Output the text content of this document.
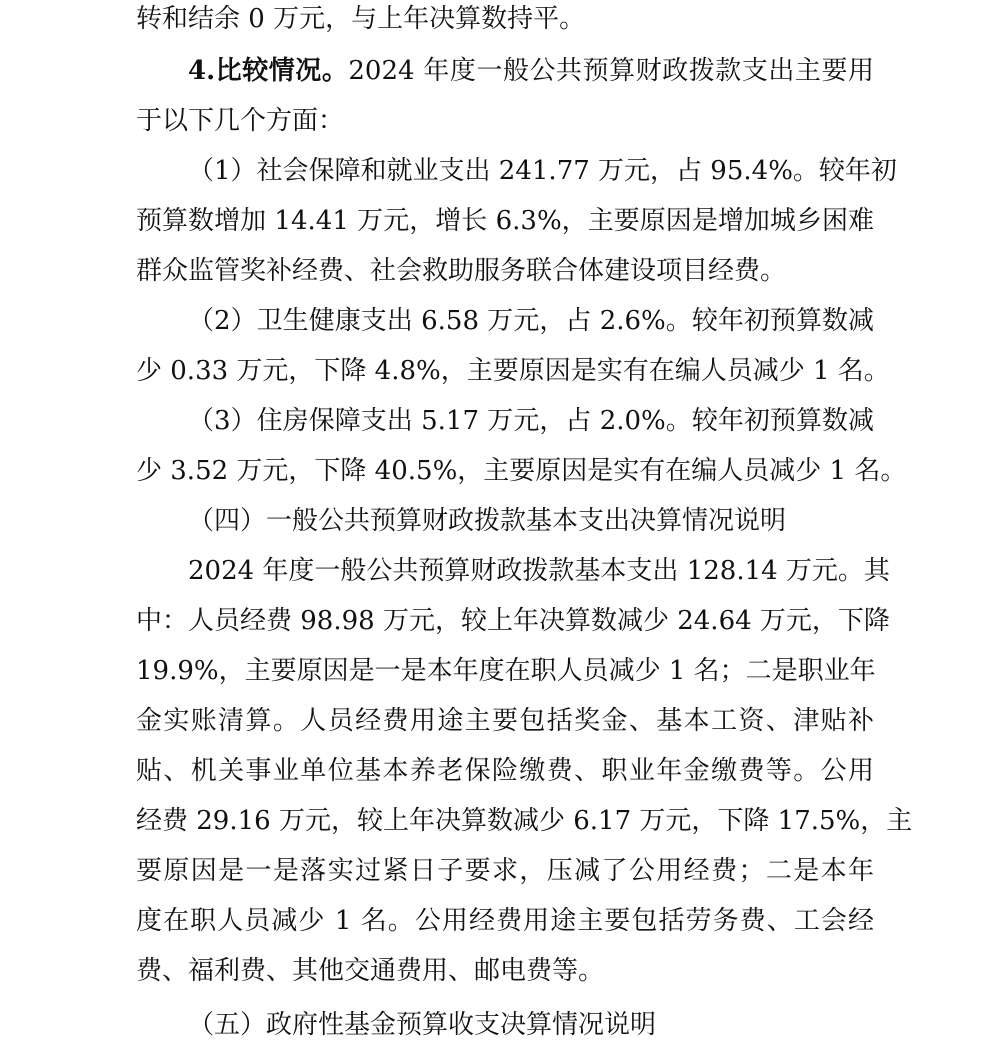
转和结余 0 万元，与上年决算数持平。
4.比较情况。2024 年度一般公共预算财政拨款支出主要用
于以下几个方面：
（1）社会保障和就业支出 241.77 万元，占 95.4%。较年初
预算数增加 14.41 万元，增长 6.3%，主要原因是增加城乡困难
群众监管奖补经费、社会救助服务联合体建设项目经费。
（2）卫生健康支出 6.58 万元，占 2.6%。较年初预算数减
少 0.33 万元，下降 4.8%，主要原因是实有在编人员减少 1 名。
（3）住房保障支出 5.17 万元，占 2.0%。较年初预算数减
少 3.52 万元，下降 40.5%，主要原因是实有在编人员减少 1 名。
（四）一般公共预算财政拨款基本支出决算情况说明
2024 年度一般公共预算财政拨款基本支出 128.14 万元。其
中：人员经费 98.98 万元，较上年决算数减少 24.64 万元，下降
19.9%，主要原因是一是本年度在职人员减少 1 名；二是职业年
金实账清算。人员经费用途主要包括奖金、基本工资、津贴补
贴、机关事业单位基本养老保险缴费、职业年金缴费等。公用
经费 29.16 万元，较上年决算数减少 6.17 万元，下降 17.5%，主
要原因是一是落实过紧日子要求，压减了公用经费；二是本年
度在职人员减少 1 名。公用经费用途主要包括劳务费、工会经
费、福利费、其他交通费用、邮电费等。
（五）政府性基金预算收支决算情况说明
